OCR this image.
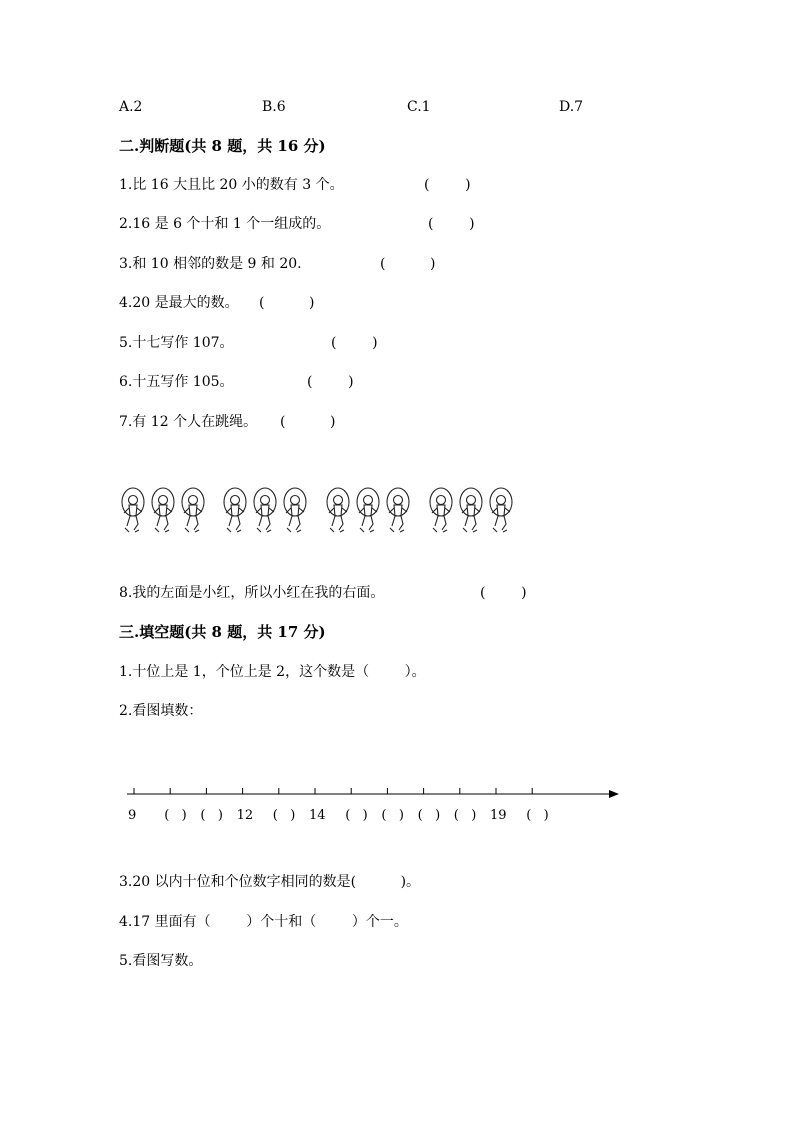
A.2	B.6	C.1	D.7
二.判断题(共 8 题，共 16 分)
1.比 16 大且比 20 小的数有 3 个。	(        )
2.16 是 6 个十和 1 个一组成的。	(        )
3.和 10 相邻的数是 9 和 20.	(          )
4.20 是最大的数。 (          )
5.十七写作 107。	(        )
6.十五写作 105。	(        )
7.有 12 个人在跳绳。 (          )
8.我的左面是小红，所以小红在我的右面。	(        )
三.填空题(共 8 题，共 17 分)
1.十位上是 1，个位上是 2，这个数是（        ）。
2.看图填数：
9 (   ) (   ) 12 (   ) 14 (   ) (   ) (   ) (   ) 19 (   )
3.20 以内十位和个位数字相同的数是(          )。
4.17 里面有（        ）个十和（        ）个一。
5.看图写数。
